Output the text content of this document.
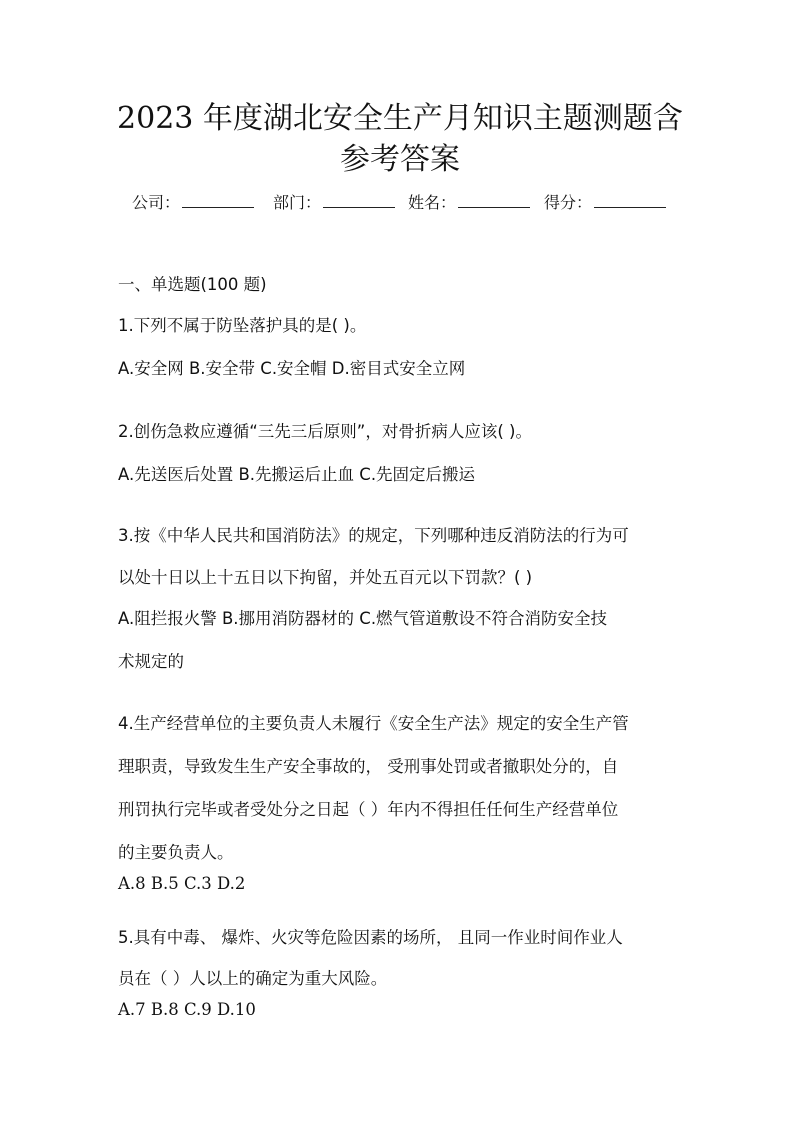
2023 年度湖北安全生产月知识主题测题含
参考答案
公司：	部门：	姓名：	得分：
一、单选题(100 题)
1.下列不属于防坠落护具的是( )。
A.安全网 B.安全带 C.安全帽 D.密目式安全立网
2.创伤急救应遵循“三先三后原则”，对骨折病人应该( )。
A.先送医后处置 B.先搬运后止血 C.先固定后搬运
3.按《中华人民共和国消防法》的规定，下列哪种违反消防法的行为可
以处十日以上十五日以下拘留，并处五百元以下罚款？( )
A.阻拦报火警 B.挪用消防器材的 C.燃气管道敷设不符合消防安全技
术规定的
4.生产经营单位的主要负责人未履行《安全生产法》规定的安全生产管
理职责，导致发生生产安全事故的， 受刑事处罚或者撤职处分的，自
刑罚执行完毕或者受处分之日起（ ）年内不得担任任何生产经营单位
的主要负责人。
A.8 B.5 C.3 D.2
5.具有中毒、 爆炸、火灾等危险因素的场所， 且同一作业时间作业人
员在（ ）人以上的确定为重大风险。
A.7 B.8 C.9 D.10
